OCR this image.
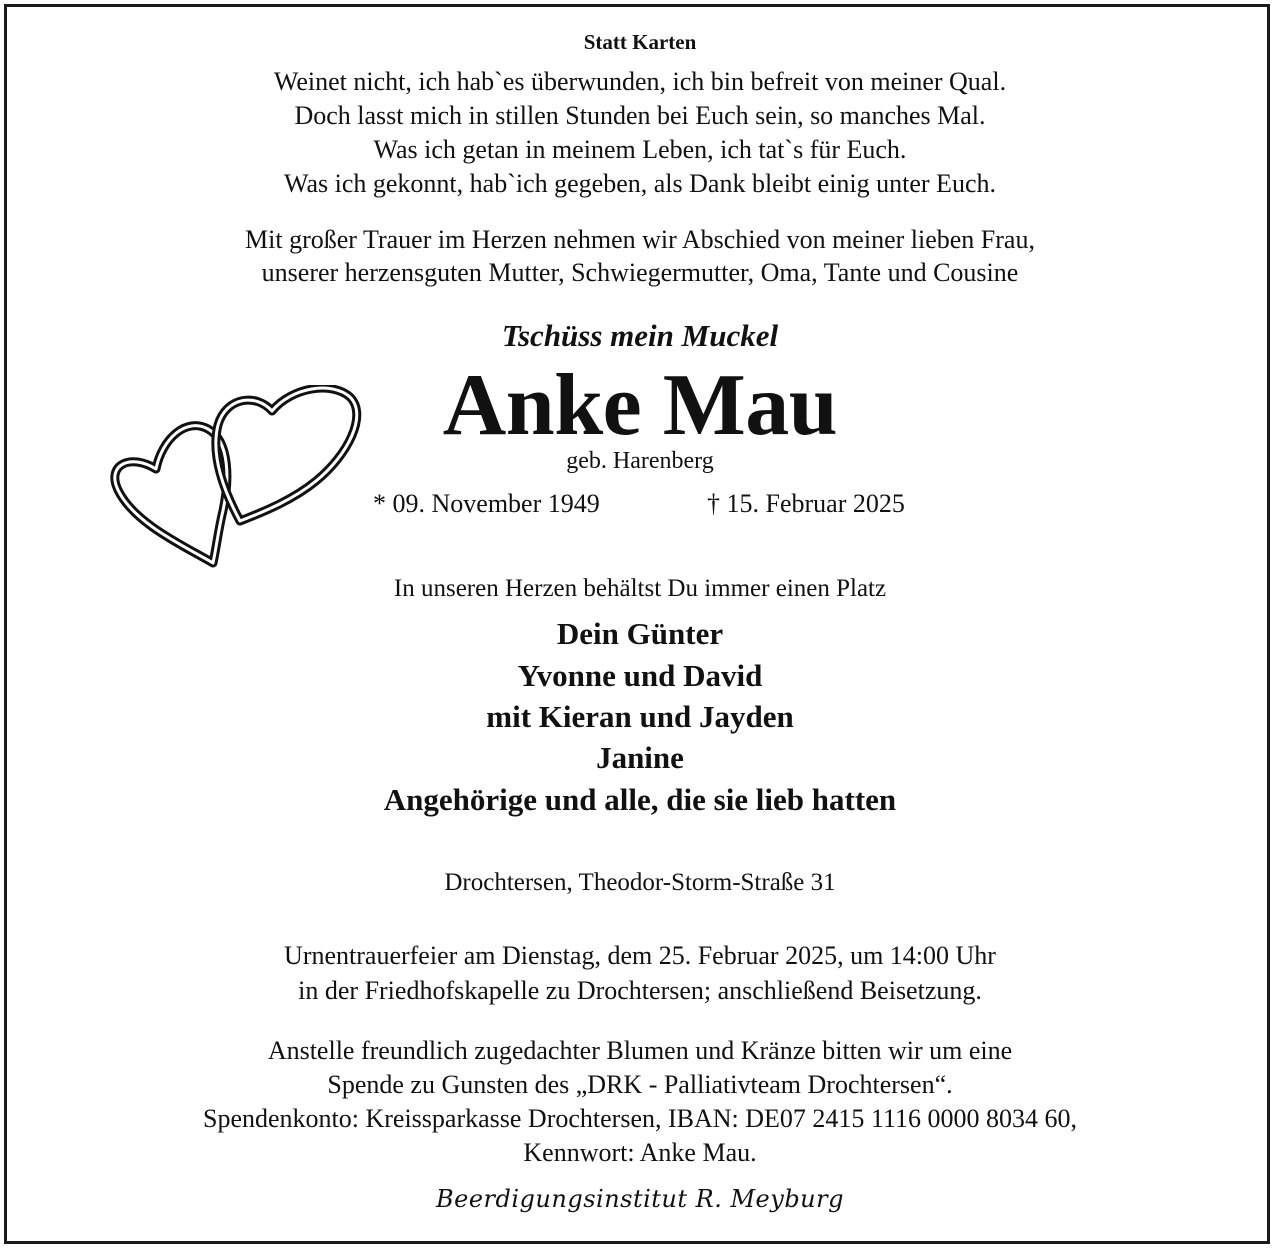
Statt Karten

Weinet nicht, ich hab`es überwunden, ich bin befreit von meiner Qual.

Doch lasst mich in stillen Stunden bei Euch sein, so manches Mal.

Was ich getan in meinem Leben, ich tat`s für Euch.

Was ich gekonnt, hab`ich gegeben, als Dank bleibt einig unter Euch.

Mit großer Trauer im Herzen nehmen wir Abschied von meiner lieben Frau,

unserer herzensguten Mutter, Schwiegermutter, Oma, Tante und Cousine

Tschüss mein Muckel

Anke Mau

geb. Harenberg

* 09. November 1949	† 15. Februar 2025

In unseren Herzen behältst Du immer einen Platz

Dein Günter

Yvonne und David

mit Kieran und Jayden

Janine

Angehörige und alle, die sie lieb hatten

Drochtersen, Theodor-Storm-Straße 31

Urnentrauerfeier am Dienstag, dem 25. Februar 2025, um 14:00 Uhr

in der Friedhofskapelle zu Drochtersen; anschließend Beisetzung.

Anstelle freundlich zugedachter Blumen und Kränze bitten wir um eine

Spende zu Gunsten des „DRK - Palliativteam Drochtersen“.

Spendenkonto: Kreissparkasse Drochtersen, IBAN: DE07 2415 1116 0000 8034 60,

Kennwort: Anke Mau.

Beerdigungsinstitut R. Meyburg
